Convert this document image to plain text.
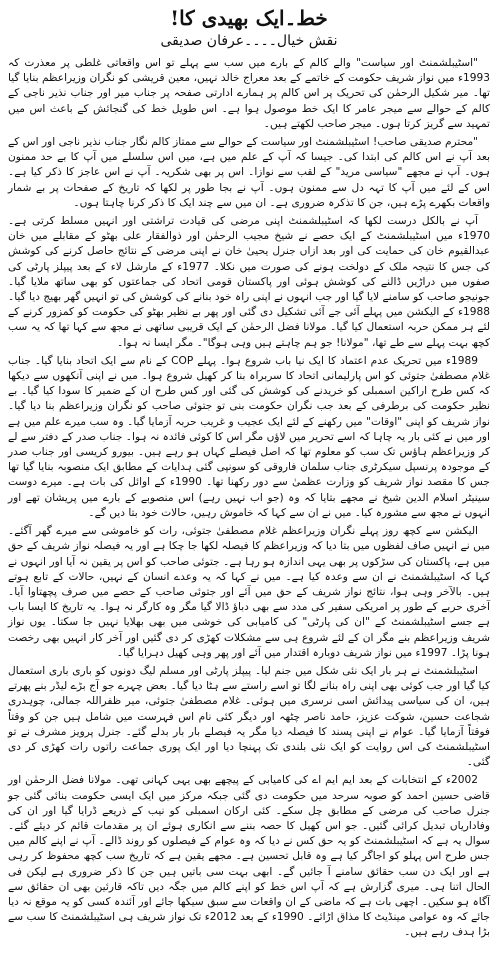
خط۔ایک بھیدی کا!
نقش خیال۔۔۔۔عرفان صدیقی

"اسٹیبلشمنٹ اور سیاست" والے کالم کے بارے میں سب سے پہلے تو اس واقعاتی غلطی پر معذرت کہ 1993ء میں نواز شریف حکومت کے خاتمے کے بعد معراج خالد نہیں، معین قریشی کو نگران وزیراعظم بنایا گیا تھا۔ میر شکیل الرحمٰن کی تحریک پر اس کالم پر ہمارے ادارتی صفحہ پر جناب میر اور جناب نذیر ناجی کے کالم کے حوالے سے میجر عامر کا ایک خط موصول ہوا ہے۔ اس طویل خط کی گنجائش کے باعث اس میں تمہید سے گریز کرتا ہوں۔ میجر صاحب لکھتے ہیں۔

"محترم صدیقی صاحب! اسٹیبلشمنٹ اور سیاست کے حوالے سے ممتاز کالم نگار جناب نذیر ناجی اور اس کے بعد آپ نے اس کالم کی ابتدا کی۔ جیسا کہ آپ کے علم میں ہے، میں اس سلسلے میں آپ کا بے حد ممنون ہوں۔ آپ نے مجھے "سیاسی مرید" کے لقب سے نوازا۔ اس پر بھی شکریہ۔ آپ نے اس عاجز کا ذکر کیا ہے۔ اس کے لئے میں آپ کا تہہ دل سے ممنون ہوں۔ آپ نے بجا طور پر لکھا کہ تاریخ کے صفحات پر بے شمار واقعات بکھرے پڑے ہیں، جن کا تذکرہ ضروری ہے۔ ان میں سے چند ایک کا ذکر کرنا چاہتا ہوں۔

آپ نے بالکل درست لکھا کہ اسٹیبلشمنٹ اپنی مرضی کی قیادت تراشتی اور انہیں مسلط کرتی ہے۔ 1970ء میں اسٹیبلشمنٹ کے ایک حصے نے شیخ مجیب الرحمٰن اور ذوالفقار علی بھٹو کے مقابلے میں خان عبدالقیوم خان کی حمایت کی اور بعد ازاں جنرل یحییٰ خان نے اپنی مرضی کے نتائج حاصل کرنے کی کوشش کی جس کا نتیجہ ملک کے دولخت ہونے کی صورت میں نکلا۔ 1977ء کے مارشل لاء کے بعد پیپلز پارٹی کی صفوں میں دراڑیں ڈالنے کی کوشش ہوئی اور پاکستان قومی اتحاد کی جماعتوں کو بھی ساتھ ملایا گیا۔ جونیجو صاحب کو سامنے لایا گیا اور جب انہوں نے اپنی راہ خود بنانے کی کوشش کی تو انہیں گھر بھیج دیا گیا۔ 1988ء کے الیکشن میں پہلے آئی جے آئی تشکیل دی گئی اور پھر بے نظیر بھٹو کی حکومت کو کمزور کرنے کے لئے ہر ممکن حربہ استعمال کیا گیا۔ مولانا فضل الرحمٰن کے ایک قریبی ساتھی نے مجھ سے کہا تھا کہ یہ سب کچھ بہت پہلے سے طے تھا، "مولانا! جو ہم چاہتے ہیں وہی ہوگا"۔ مگر ایسا نہ ہوا۔

1989ء میں تحریک عدم اعتماد کا ایک نیا باب شروع ہوا۔ پہلے COP کے نام سے ایک اتحاد بنایا گیا۔ جناب غلام مصطفیٰ جتوئی کو اس پارلیمانی اتحاد کا سربراہ بنا کر کھیل شروع ہوا۔ میں نے اپنی آنکھوں سے دیکھا کہ کس طرح اراکین اسمبلی کو خریدنے کی کوشش کی گئی اور کس طرح ان کے ضمیر کا سودا کیا گیا۔ بے نظیر حکومت کی برطرفی کے بعد جب نگران حکومت بنی تو جتوئی صاحب کو نگران وزیراعظم بنا دیا گیا۔ نواز شریف کو اپنی "اوقات" میں رکھنے کے لئے ایک عجیب و غریب حربہ آزمایا گیا۔ وہ سب میرے علم میں ہے اور میں نے کئی بار یہ چاہا کہ اسے تحریر میں لاؤں مگر اس کا کوئی فائدہ نہ ہوا۔ جناب صدر کے دفتر سے لے کر وزیراعظم ہاؤس تک سب کو معلوم تھا کہ اصل فیصلے کہاں ہو رہے ہیں۔ بیورو کریسی اور جناب صدر کے موجودہ پرنسپل سیکرٹری جناب سلمان فاروقی کو سونپی گئی ہدایات کے مطابق ایک منصوبہ بنایا گیا تھا جس کا مقصد نواز شریف کو وزارت عظمیٰ سے دور رکھنا تھا۔ 1990ء کے اوائل کی بات ہے۔ میرے دوست سینیٹر اسلام الدین شیخ نے مجھے بتایا کہ وہ (جو اب نہیں رہے) اس منصوبے کے بارے میں پریشان تھے اور انہوں نے مجھ سے مشورہ کیا۔ میں نے ان سے کہا کہ خاموش رہیں، حالات خود بتا دیں گے۔

الیکشن سے کچھ روز پہلے نگران وزیراعظم غلام مصطفیٰ جتوئی، رات کو خاموشی سے میرے گھر آگئے۔ میں نے انہیں صاف لفظوں میں بتا دیا کہ وزیراعظم کا فیصلہ لکھا جا چکا ہے اور یہ فیصلہ نواز شریف کے حق میں ہے، پاکستان کی سڑکوں پر بھی یہی اندازہ ہو رہا ہے۔ جتوئی صاحب کو اس پر یقین نہ آیا اور انہوں نے کہا کہ اسٹیبلشمنٹ نے ان سے وعدہ کیا ہے۔ میں نے کہا کہ یہ وعدے انسان کے نہیں، حالات کے تابع ہوتے ہیں۔ بالآخر وہی ہوا، نتائج نواز شریف کے حق میں آئے اور جتوئی صاحب کے حصے میں صرف پچھتاوا آیا۔ آخری حربے کے طور پر امریکی سفیر کی مدد سے بھی دباؤ ڈالا گیا مگر وہ کارگر نہ ہوا۔ یہ تاریخ کا ایسا باب ہے جسے اسٹیبلشمنٹ کے "ان کی پارٹی" کی کامیابی کی خوشی میں بھی بھلایا نہیں جا سکتا۔ یوں نواز شریف وزیراعظم بنے مگر ان کے لئے شروع ہی سے مشکلات کھڑی کر دی گئیں اور آخر کار انہیں بھی رخصت ہونا پڑا۔ 1997ء میں نواز شریف دوبارہ اقتدار میں آئے اور پھر وہی کھیل دہرایا گیا۔

اسٹیبلشمنٹ نے ہر بار ایک نئی شکل میں جنم لیا۔ پیپلز پارٹی اور مسلم لیگ دونوں کو باری باری استعمال کیا گیا اور جب کوئی بھی اپنی راہ بنانے لگا تو اسے راستے سے ہٹا دیا گیا۔ بعض چہرے جو آج بڑے لیڈر بنے پھرتے ہیں، ان کی سیاسی پیدائش اسی نرسری میں ہوئی۔ غلام مصطفیٰ جتوئی، میر ظفراللہ جمالی، چوہدری شجاعت حسین، شوکت عزیز، حامد ناصر چٹھہ اور دیگر کئی نام اس فہرست میں شامل ہیں جن کو وقتاً فوقتاً آزمایا گیا۔ عوام نے اپنی پسند کا فیصلہ دیا مگر یہ فیصلے بار بار بدلے گئے۔ جنرل پرویز مشرف نے تو اسٹیبلشمنٹ کی اس روایت کو ایک نئی بلندی تک پہنچا دیا اور ایک پوری جماعت راتوں رات کھڑی کر دی گئی۔

2002ء کے انتخابات کے بعد ایم ایم اے کی کامیابی کے پیچھے بھی یہی کہانی تھی۔ مولانا فضل الرحمٰن اور قاضی حسین احمد کو صوبہ سرحد میں حکومت دی گئی جبکہ مرکز میں ایک ایسی حکومت بنائی گئی جو جنرل صاحب کی مرضی کے مطابق چل سکے۔ کئی ارکان اسمبلی کو نیب کے ذریعے ڈرایا گیا اور ان کی وفاداریاں تبدیل کرائی گئیں۔ جو اس کھیل کا حصہ بننے سے انکاری ہوئے ان پر مقدمات قائم کر دیئے گئے۔ سوال یہ ہے کہ اسٹیبلشمنٹ کو یہ حق کس نے دیا کہ وہ عوام کے فیصلوں کو روند ڈالے۔ آپ نے اپنے کالم میں جس طرح اس پہلو کو اجاگر کیا ہے وہ قابل تحسین ہے۔ مجھے یقین ہے کہ تاریخ سب کچھ محفوظ کر رہی ہے اور ایک دن سب حقائق سامنے آ جائیں گے۔ ابھی بہت سی باتیں ہیں جن کا ذکر ضروری ہے لیکن فی الحال اتنا ہی۔ میری گزارش ہے کہ آپ اس خط کو اپنے کالم میں جگہ دیں تاکہ قارئین بھی ان حقائق سے آگاہ ہو سکیں۔ اچھی بات ہے کہ ماضی کے ان واقعات سے سبق سیکھا جائے اور آئندہ کسی کو یہ موقع نہ دیا جائے کہ وہ عوامی مینڈیٹ کا مذاق اڑائے۔ 1990ء کے بعد 2012ء تک نواز شریف ہی اسٹیبلشمنٹ کا سب سے بڑا ہدف رہے ہیں۔
